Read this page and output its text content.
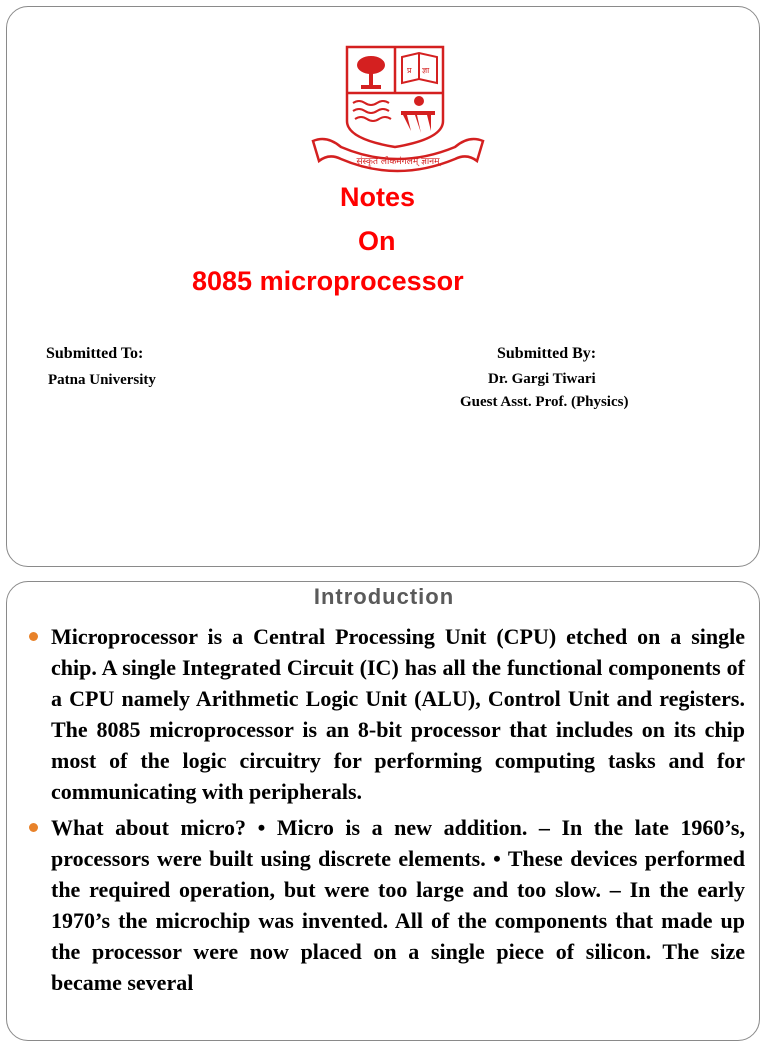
प्र ज्ञा
संस्कृत लोकमंगलम् ज्ञानम्
Notes
On
8085 microprocessor
Submitted To:
Patna University
Submitted By:
Dr. Gargi Tiwari
Guest Asst. Prof. (Physics)
Introduction
Microprocessor is a Central Processing Unit (CPU) etched on a single chip. A single Integrated Circuit (IC) has all the functional components of a CPU namely Arithmetic Logic Unit (ALU), Control Unit and registers. The 8085 microprocessor is an 8-bit processor that includes on its chip most of the logic circuitry for performing computing tasks and for communicating with peripherals.
What about micro? • Micro is a new addition. – In the late 1960’s, processors were built using discrete elements. • These devices performed the required operation, but were too large and too slow. – In the early 1970’s the microchip was invented. All of the components that made up the processor were now placed on a single piece of silicon. The size became several
